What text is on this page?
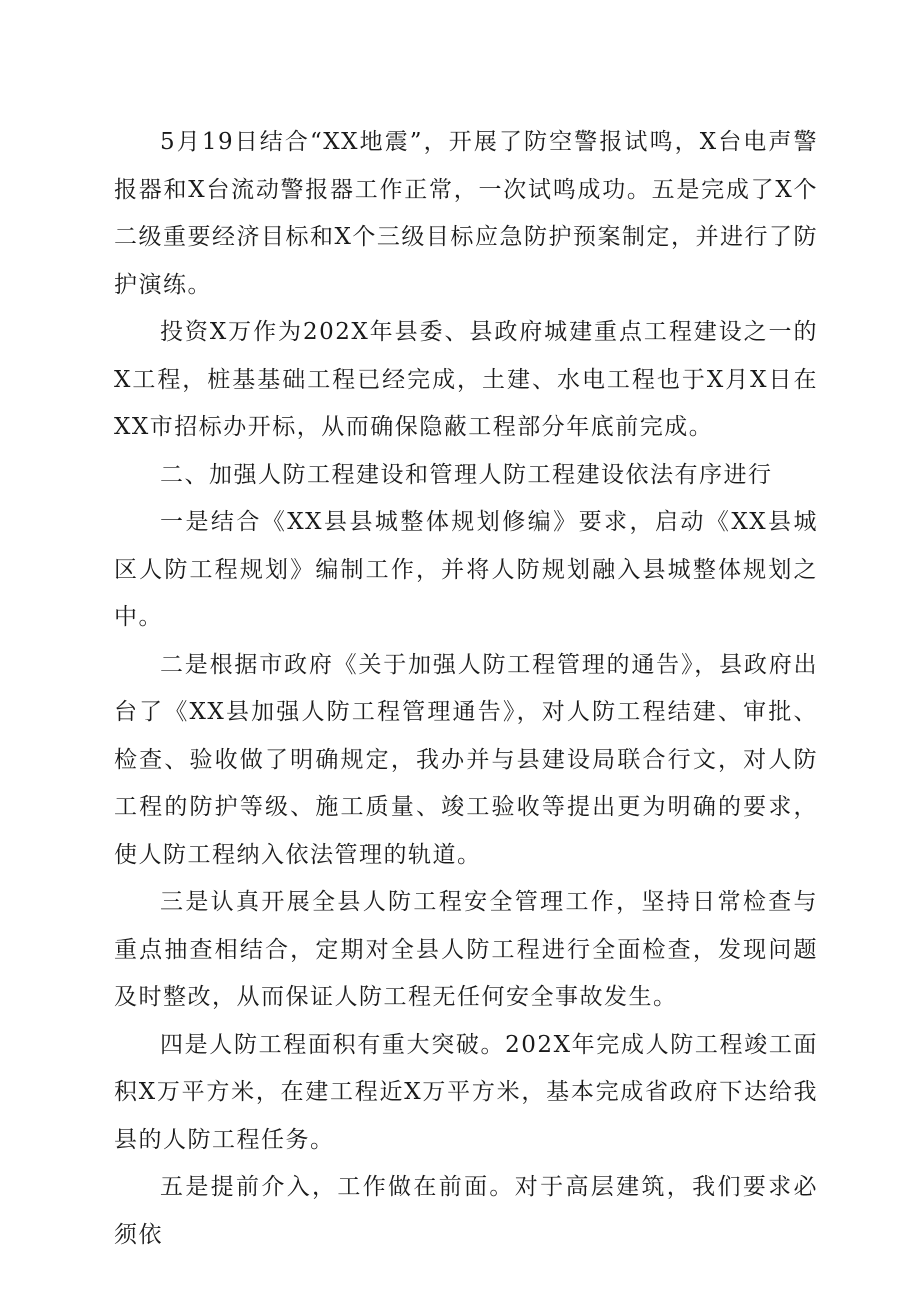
5月19日结合“XX地震”，开展了防空警报试鸣，X台电声警报器和X台流动警报器工作正常，一次试鸣成功。五是完成了X个二级重要经济目标和X个三级目标应急防护预案制定，并进行了防护演练。

投资X万作为202X年县委、县政府城建重点工程建设之一的X工程，桩基基础工程已经完成，土建、水电工程也于X月X日在XX市招标办开标，从而确保隐蔽工程部分年底前完成。

二、加强人防工程建设和管理人防工程建设依法有序进行

一是结合《XX县县城整体规划修编》要求，启动《XX县城区人防工程规划》编制工作，并将人防规划融入县城整体规划之中。

二是根据市政府《关于加强人防工程管理的通告》，县政府出台了《XX县加强人防工程管理通告》，对人防工程结建、审批、检查、验收做了明确规定，我办并与县建设局联合行文，对人防工程的防护等级、施工质量、竣工验收等提出更为明确的要求，使人防工程纳入依法管理的轨道。

三是认真开展全县人防工程安全管理工作，坚持日常检查与重点抽查相结合，定期对全县人防工程进行全面检查，发现问题及时整改，从而保证人防工程无任何安全事故发生。

四是人防工程面积有重大突破。202X年完成人防工程竣工面积X万平方米，在建工程近X万平方米，基本完成省政府下达给我县的人防工程任务。

五是提前介入，工作做在前面。对于高层建筑，我们要求必须依
